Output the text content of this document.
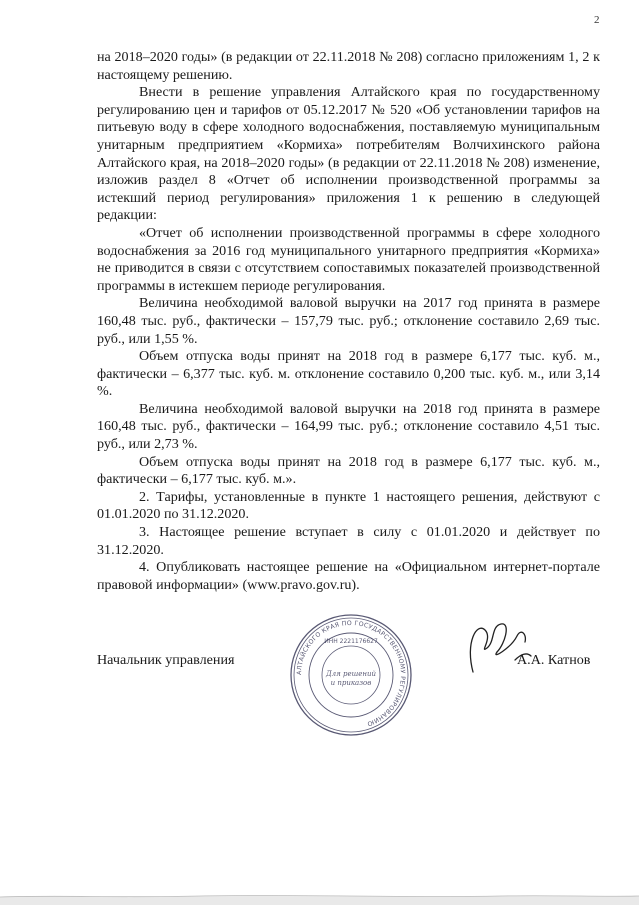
2

на 2018–2020 годы» (в редакции от 22.11.2018 № 208) согласно приложениям 1, 2 к настоящему решению.

Внести в решение управления Алтайского края по государственному регулированию цен и тарифов от 05.12.2017 № 520 «Об установлении тарифов на питьевую воду в сфере холодного водоснабжения, поставляемую муниципальным унитарным предприятием «Кормиха» потребителям Волчихинского района Алтайского края, на 2018–2020 годы» (в редакции от 22.11.2018 № 208) изменение, изложив раздел 8 «Отчет об исполнении производственной программы за истекший период регулирования» приложения 1 к решению в следующей редакции:

«Отчет об исполнении производственной программы в сфере холодного водоснабжения за 2016 год муниципального унитарного предприятия «Кормиха» не приводится в связи с отсутствием сопоставимых показателей производственной программы в истекшем периоде регулирования.

Величина необходимой валовой выручки на 2017 год принята в размере 160,48 тыс. руб., фактически – 157,79 тыс. руб.; отклонение составило 2,69 тыс. руб., или 1,55 %.

Объем отпуска воды принят на 2018 год в размере 6,177 тыс. куб. м., фактически – 6,377 тыс. куб. м. отклонение составило 0,200 тыс. куб. м., или 3,14 %.

Величина необходимой валовой выручки на 2018 год принята в размере 160,48 тыс. руб., фактически – 164,99 тыс. руб.; отклонение составило 4,51 тыс. руб., или 2,73 %.

Объем отпуска воды принят на 2018 год в размере 6,177 тыс. куб. м., фактически – 6,177 тыс. куб. м.».

2. Тарифы, установленные в пункте 1 настоящего решения, действуют с 01.01.2020 по 31.12.2020.

3. Настоящее решение вступает в силу с 01.01.2020 и действует по 31.12.2020.

4. Опубликовать настоящее решение на «Официальном интернет-портале правовой информации» (www.pravo.gov.ru).

АЛТАЙСКОГО КРАЯ ПО ГОСУДАРСТВЕННОМУ РЕГУЛИРОВАНИЮ
ИНН 2221176627
Для решений
и приказов
Начальник управления	А.А. Катнов
